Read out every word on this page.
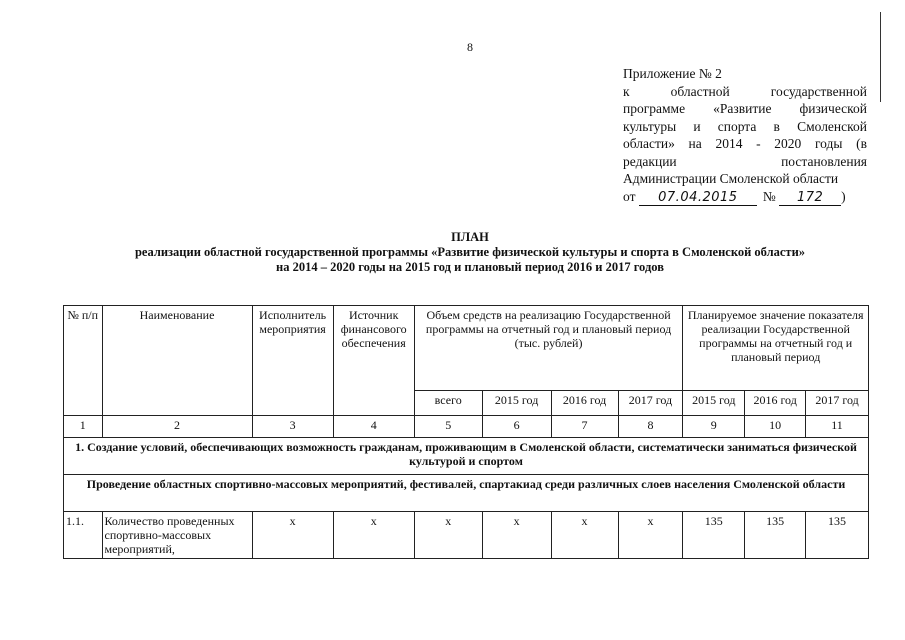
8
Приложение № 2
к областной государственной
программе «Развитие физической
культуры и спорта в Смоленской
области» на 2014 - 2020 годы (в
редакции постановления
Администрации Смоленской области
от 07.04.2015 № 172 )
ПЛАН
реализации областной государственной программы «Развитие физической культуры и спорта в Смоленской области»
на 2014 – 2020 годы на 2015 год и плановый период 2016 и 2017 годов
№ п/п	Наименование	Исполнитель мероприятия	Источник финансового обеспечения	Объем средств на реализацию Государственной программы на отчетный год и плановый период (тыс. рублей)				Планируемое значение показателя реализации Государственной программы на отчетный год и плановый период		
				всего	2015 год	2016 год	2017 год	2015 год	2016 год	2017 год
1	2	3	4	5	6	7	8	9	10	11
1. Создание условий, обеспечивающих возможность гражданам, проживающим в Смоленской области, систематически заниматься физической культурой и спортом										
Проведение областных спортивно-массовых мероприятий, фестивалей, спартакиад среди различных слоев населения Смоленской области										
1.1.	Количество проведенных спортивно-массовых мероприятий,	х	х	х	х	х	х	135	135	135
